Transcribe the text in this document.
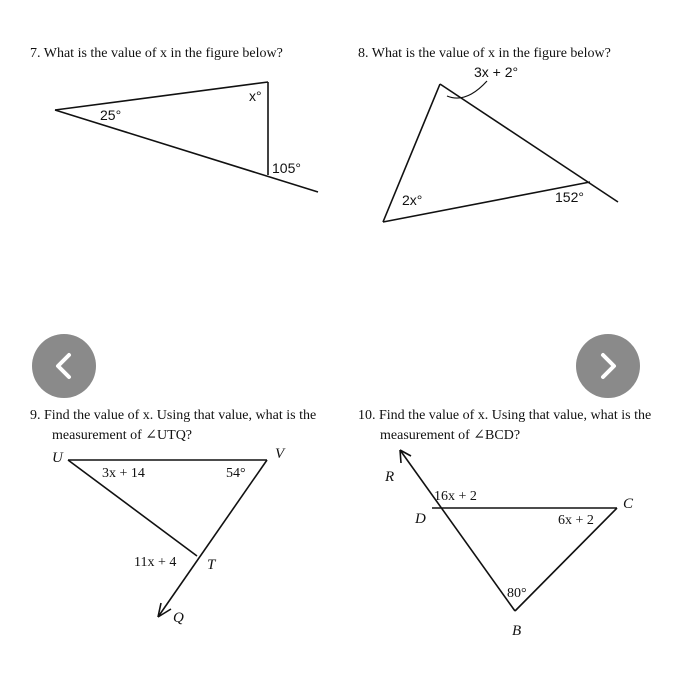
7. What is the value of x in the figure below?	8. What is the value of x in the figure below?
9. Find the value of x. Using that value, what is the
measurement of ∠UTQ?
10. Find the value of x. Using that value, what is the
measurement of ∠BCD?
25°
x°
105°
3x + 2°
2x°	152°
U	V
T
Q
3x + 14	54°
11x + 4
R
D
C
B
16x + 2
6x + 2
80°
